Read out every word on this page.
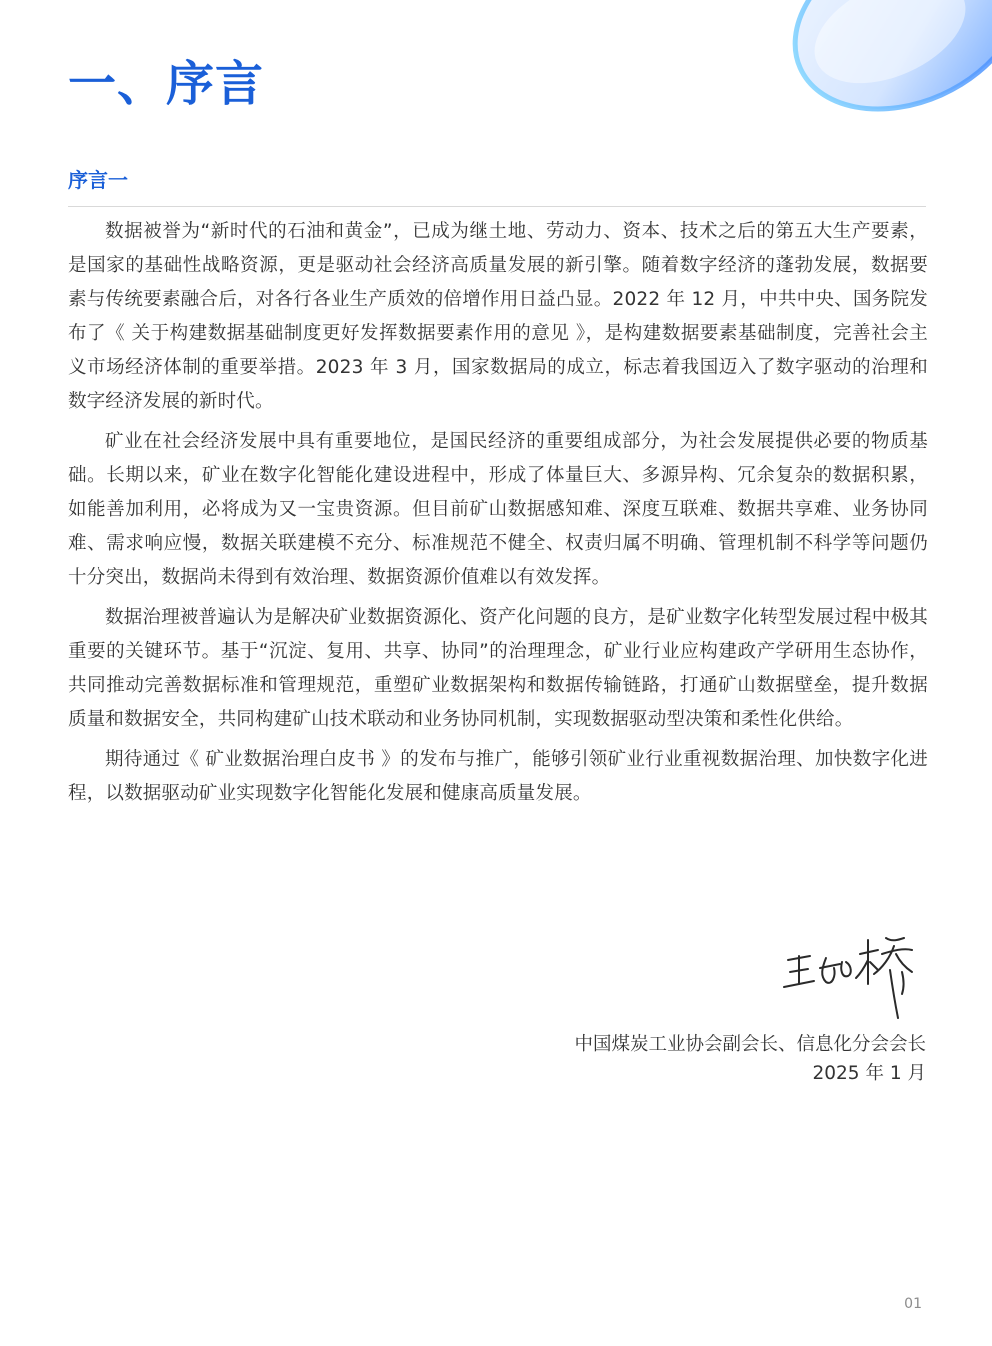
一、序言
序言一

数据被誉为“新时代的石油和黄金”，已成为继土地、劳动力、资本、技术之后的第五大生产要素，是国家的基础性战略资源，更是驱动社会经济高质量发展的新引擎。随着数字经济的蓬勃发展，数据要素与传统要素融合后，对各行各业生产质效的倍增作用日益凸显。2022 年 12 月，中共中央、国务院发布了《 关于构建数据基础制度更好发挥数据要素作用的意见 》，是构建数据要素基础制度，完善社会主义市场经济体制的重要举措。2023 年 3 月，国家数据局的成立，标志着我国迈入了数字驱动的治理和数字经济发展的新时代。

矿业在社会经济发展中具有重要地位，是国民经济的重要组成部分，为社会发展提供必要的物质基础。长期以来，矿业在数字化智能化建设进程中，形成了体量巨大、多源异构、冗余复杂的数据积累，如能善加利用，必将成为又一宝贵资源。但目前矿山数据感知难、深度互联难、数据共享难、业务协同难、需求响应慢，数据关联建模不充分、标准规范不健全、权责归属不明确、管理机制不科学等问题仍十分突出，数据尚未得到有效治理、数据资源价值难以有效发挥。

数据治理被普遍认为是解决矿业数据资源化、资产化问题的良方，是矿业数字化转型发展过程中极其重要的关键环节。基于“沉淀、复用、共享、协同”的治理理念，矿业行业应构建政产学研用生态协作，共同推动完善数据标准和管理规范，重塑矿业数据架构和数据传输链路，打通矿山数据壁垒，提升数据质量和数据安全，共同构建矿山技术联动和业务协同机制，实现数据驱动型决策和柔性化供给。

期待通过《 矿业数据治理白皮书 》的发布与推广，能够引领矿业行业重视数据治理、加快数字化进程，以数据驱动矿业实现数字化智能化发展和健康高质量发展。

中国煤炭工业协会副会长、信息化分会会长
2025 年 1 月
01
